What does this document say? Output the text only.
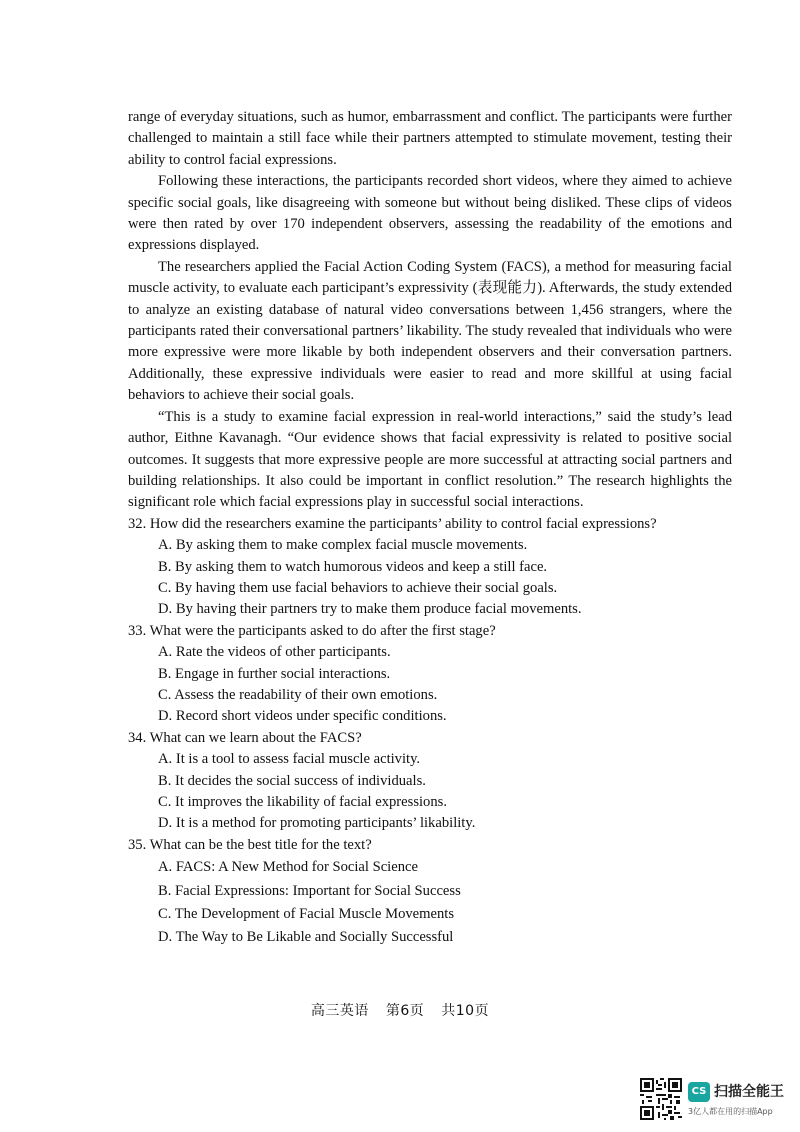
range of everyday situations, such as humor, embarrassment and conflict. The participants were further challenged to maintain a still face while their partners attempted to stimulate movement, testing their ability to control facial expressions.

Following these interactions, the participants recorded short videos, where they aimed to achieve specific social goals, like disagreeing with someone but without being disliked. These clips of videos were then rated by over 170 independent observers, assessing the readability of the emotions and expressions displayed.

The researchers applied the Facial Action Coding System (FACS), a method for measuring facial muscle activity, to evaluate each participant’s expressivity (表现能力). Afterwards, the study extended to analyze an existing database of natural video conversations between 1,456 strangers, where the participants rated their conversational partners’ likability. The study revealed that individuals who were more expressive were more likable by both independent observers and their conversation partners. Additionally, these expressive individuals were easier to read and more skillful at using facial behaviors to achieve their social goals.

“This is a study to examine facial expression in real-world interactions,” said the study’s lead author, Eithne Kavanagh. “Our evidence shows that facial expressivity is related to positive social outcomes. It suggests that more expressive people are more successful at attracting social partners and building relationships. It also could be important in conflict resolution.” The research highlights the significant role which facial expressions play in successful social interactions.

32. How did the researchers examine the participants’ ability to control facial expressions?

A. By asking them to make complex facial muscle movements.
B. By asking them to watch humorous videos and keep a still face.
C. By having them use facial behaviors to achieve their social goals.
D. By having their partners try to make them produce facial movements.

33. What were the participants asked to do after the first stage?

A. Rate the videos of other participants.
B. Engage in further social interactions.
C. Assess the readability of their own emotions.
D. Record short videos under specific conditions.

34. What can we learn about the FACS?

A. It is a tool to assess facial muscle activity.
B. It decides the social success of individuals.
C. It improves the likability of facial expressions.
D. It is a method for promoting participants’ likability.

35. What can be the best title for the text?

A. FACS: A New Method for Social Science
B. Facial Expressions: Important for Social Success
C. The Development of Facial Muscle Movements
D. The Way to Be Likable and Socially Successful
高三英语 第6页 共10页
CS 扫描全能王
3亿人都在用的扫描App
